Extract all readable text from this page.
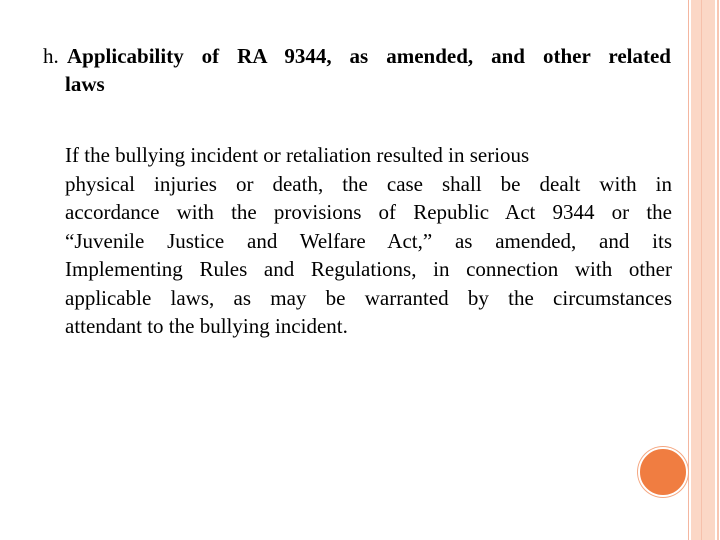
h. Applicability of RA 9344, as amended, and other related
laws
If the bullying incident or retaliation resulted in serious
physical injuries or death, the case shall be dealt with in
accordance with the provisions of Republic Act 9344 or the
“Juvenile Justice and Welfare Act,” as amended, and its
Implementing Rules and Regulations, in connection with other
applicable laws, as may be warranted by the circumstances
attendant to the bullying incident.
